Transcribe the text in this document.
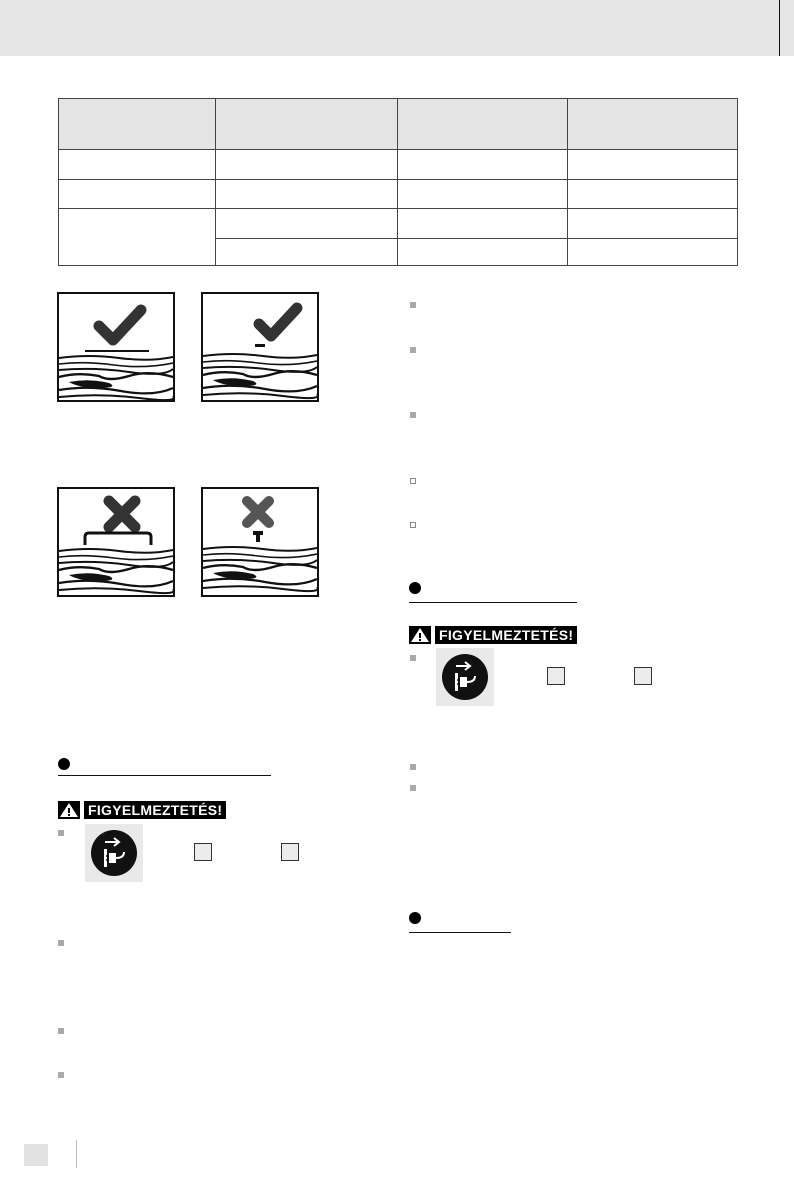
FIGYELMEZTETÉS!
FIGYELMEZTETÉS!
